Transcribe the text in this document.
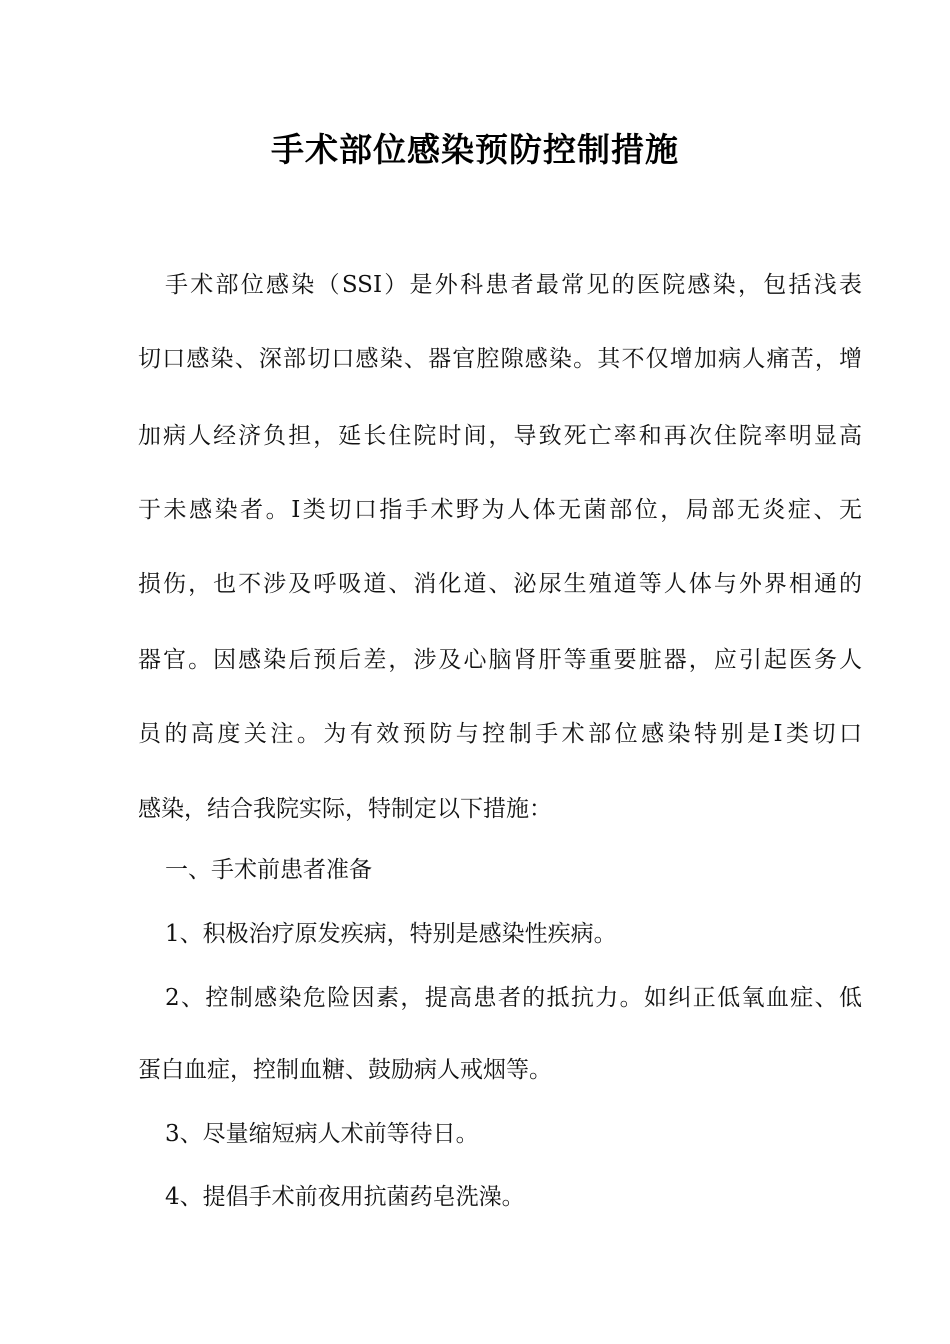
手术部位感染预防控制措施
手术部位感染（SSI）是外科患者最常见的医院感染，包括浅表
切口感染、深部切口感染、器官腔隙感染。其不仅增加病人痛苦，增
加病人经济负担，延长住院时间，导致死亡率和再次住院率明显高
于未感染者。I类切口指手术野为人体无菌部位，局部无炎症、无
损伤，也不涉及呼吸道、消化道、泌尿生殖道等人体与外界相通的
器官。因感染后预后差，涉及心脑肾肝等重要脏器，应引起医务人
员的高度关注。为有效预防与控制手术部位感染特别是I类切口
感染，结合我院实际，特制定以下措施：
一、手术前患者准备
1、积极治疗原发疾病，特别是感染性疾病。
2、控制感染危险因素，提高患者的抵抗力。如纠正低氧血症、低
蛋白血症，控制血糖、鼓励病人戒烟等。
3、尽量缩短病人术前等待日。
4、提倡手术前夜用抗菌药皂洗澡。
